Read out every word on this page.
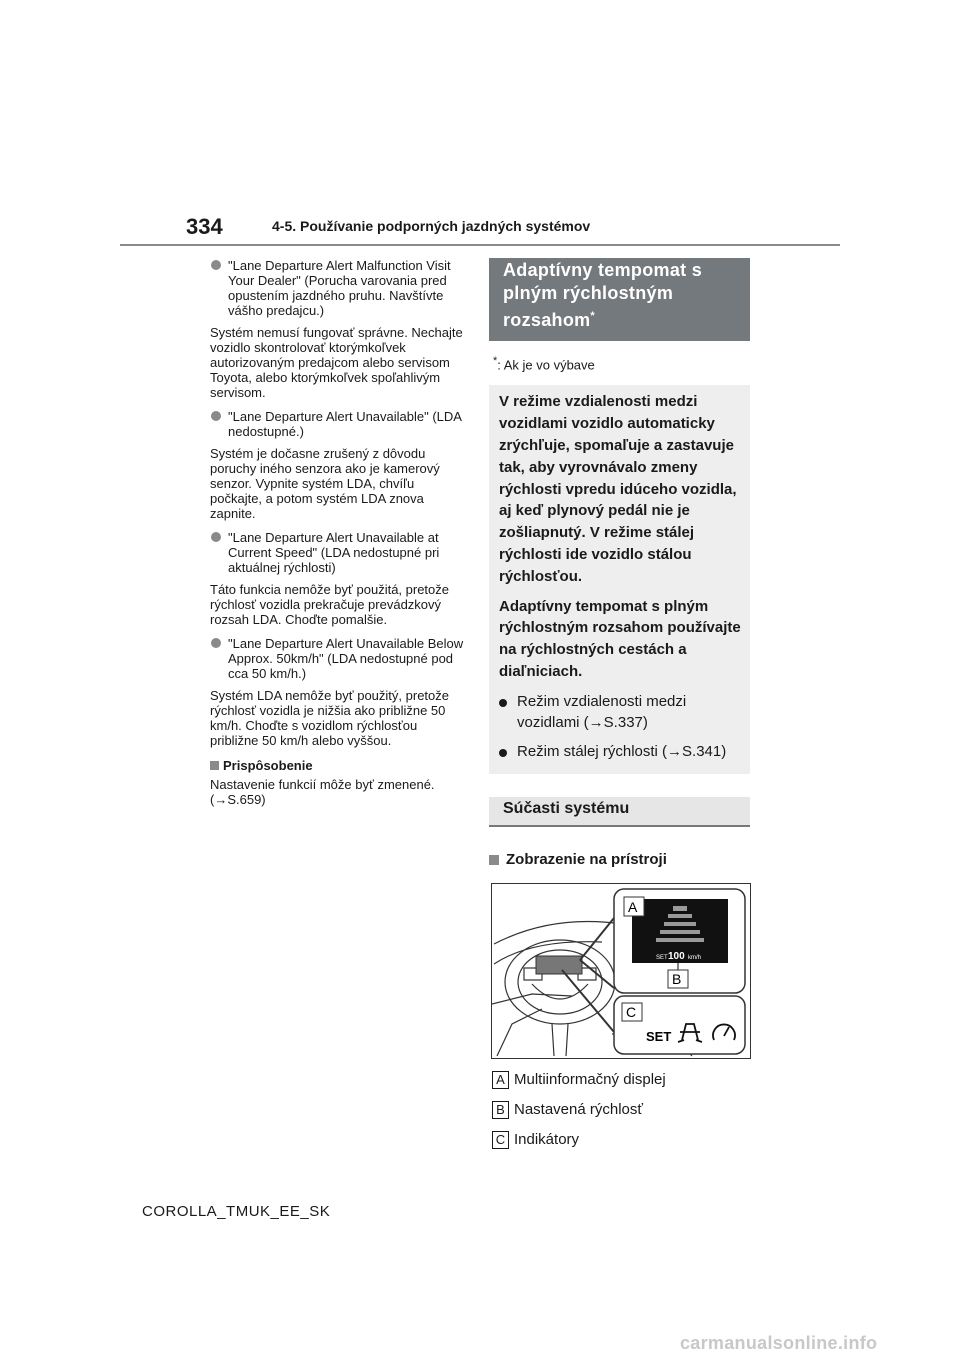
334	4-5. Používanie podporných jazdných systémov
"Lane Departure Alert Malfunction Visit Your Dealer" (Porucha varovania pred opustením jazdného pruhu. Navštívte vášho predajcu.)
Systém nemusí fungovať správne. Nechajte vozidlo skontrolovať ktorýmkoľvek autorizovaným predajcom alebo servisom Toyota, alebo ktorýmkoľvek spoľahlivým servisom.
"Lane Departure Alert Unavailable" (LDA nedostupné.)
Systém je dočasne zrušený z dôvodu poruchy iného senzora ako je kamerový senzor. Vypnite systém LDA, chvíľu počkajte, a potom systém LDA znova zapnite.
"Lane Departure Alert Unavailable at Current Speed" (LDA nedostupné pri aktuálnej rýchlosti)
Táto funkcia nemôže byť použitá, pretože rýchlosť vozidla prekračuje prevádzkový rozsah LDA. Choďte pomalšie.
"Lane Departure Alert Unavailable Below Approx. 50km/h" (LDA nedostupné pod cca 50 km/h.)
Systém LDA nemôže byť použitý, pretože rýchlosť vozidla je nižšia ako približne 50 km/h. Choďte s vozidlom rýchlosťou približne 50 km/h alebo vyššou.
Prispôsobenie
Nastavenie funkcií môže byť zmenené.
(→S.659)
Adaptívny tempomat s plným rýchlostným rozsahom*
*: Ak je vo výbave

V režime vzdialenosti medzi vozidlami vozidlo automaticky zrýchľuje, spomaľuje a zastavuje tak, aby vyrovnávalo zmeny rýchlosti vpredu idúceho vozidla, aj keď plynový pedál nie je zošliapnutý. V režime stálej rýchlosti ide vozidlo stálou rýchlosťou.

Adaptívny tempomat s plným rýchlostným rozsahom používajte na rýchlostných cestách a diaľniciach.

Režim vzdialenosti medzi vozidlami (→S.337)
Režim stálej rýchlosti (→S.341)
Súčasti systému
Zobrazenie na prístroji
SET 100 km/h
A
B
C
SET
A Multiinformačný displej
B Nastavená rýchlosť
C Indikátory
COROLLA_TMUK_EE_SK
carmanualsonline.info
